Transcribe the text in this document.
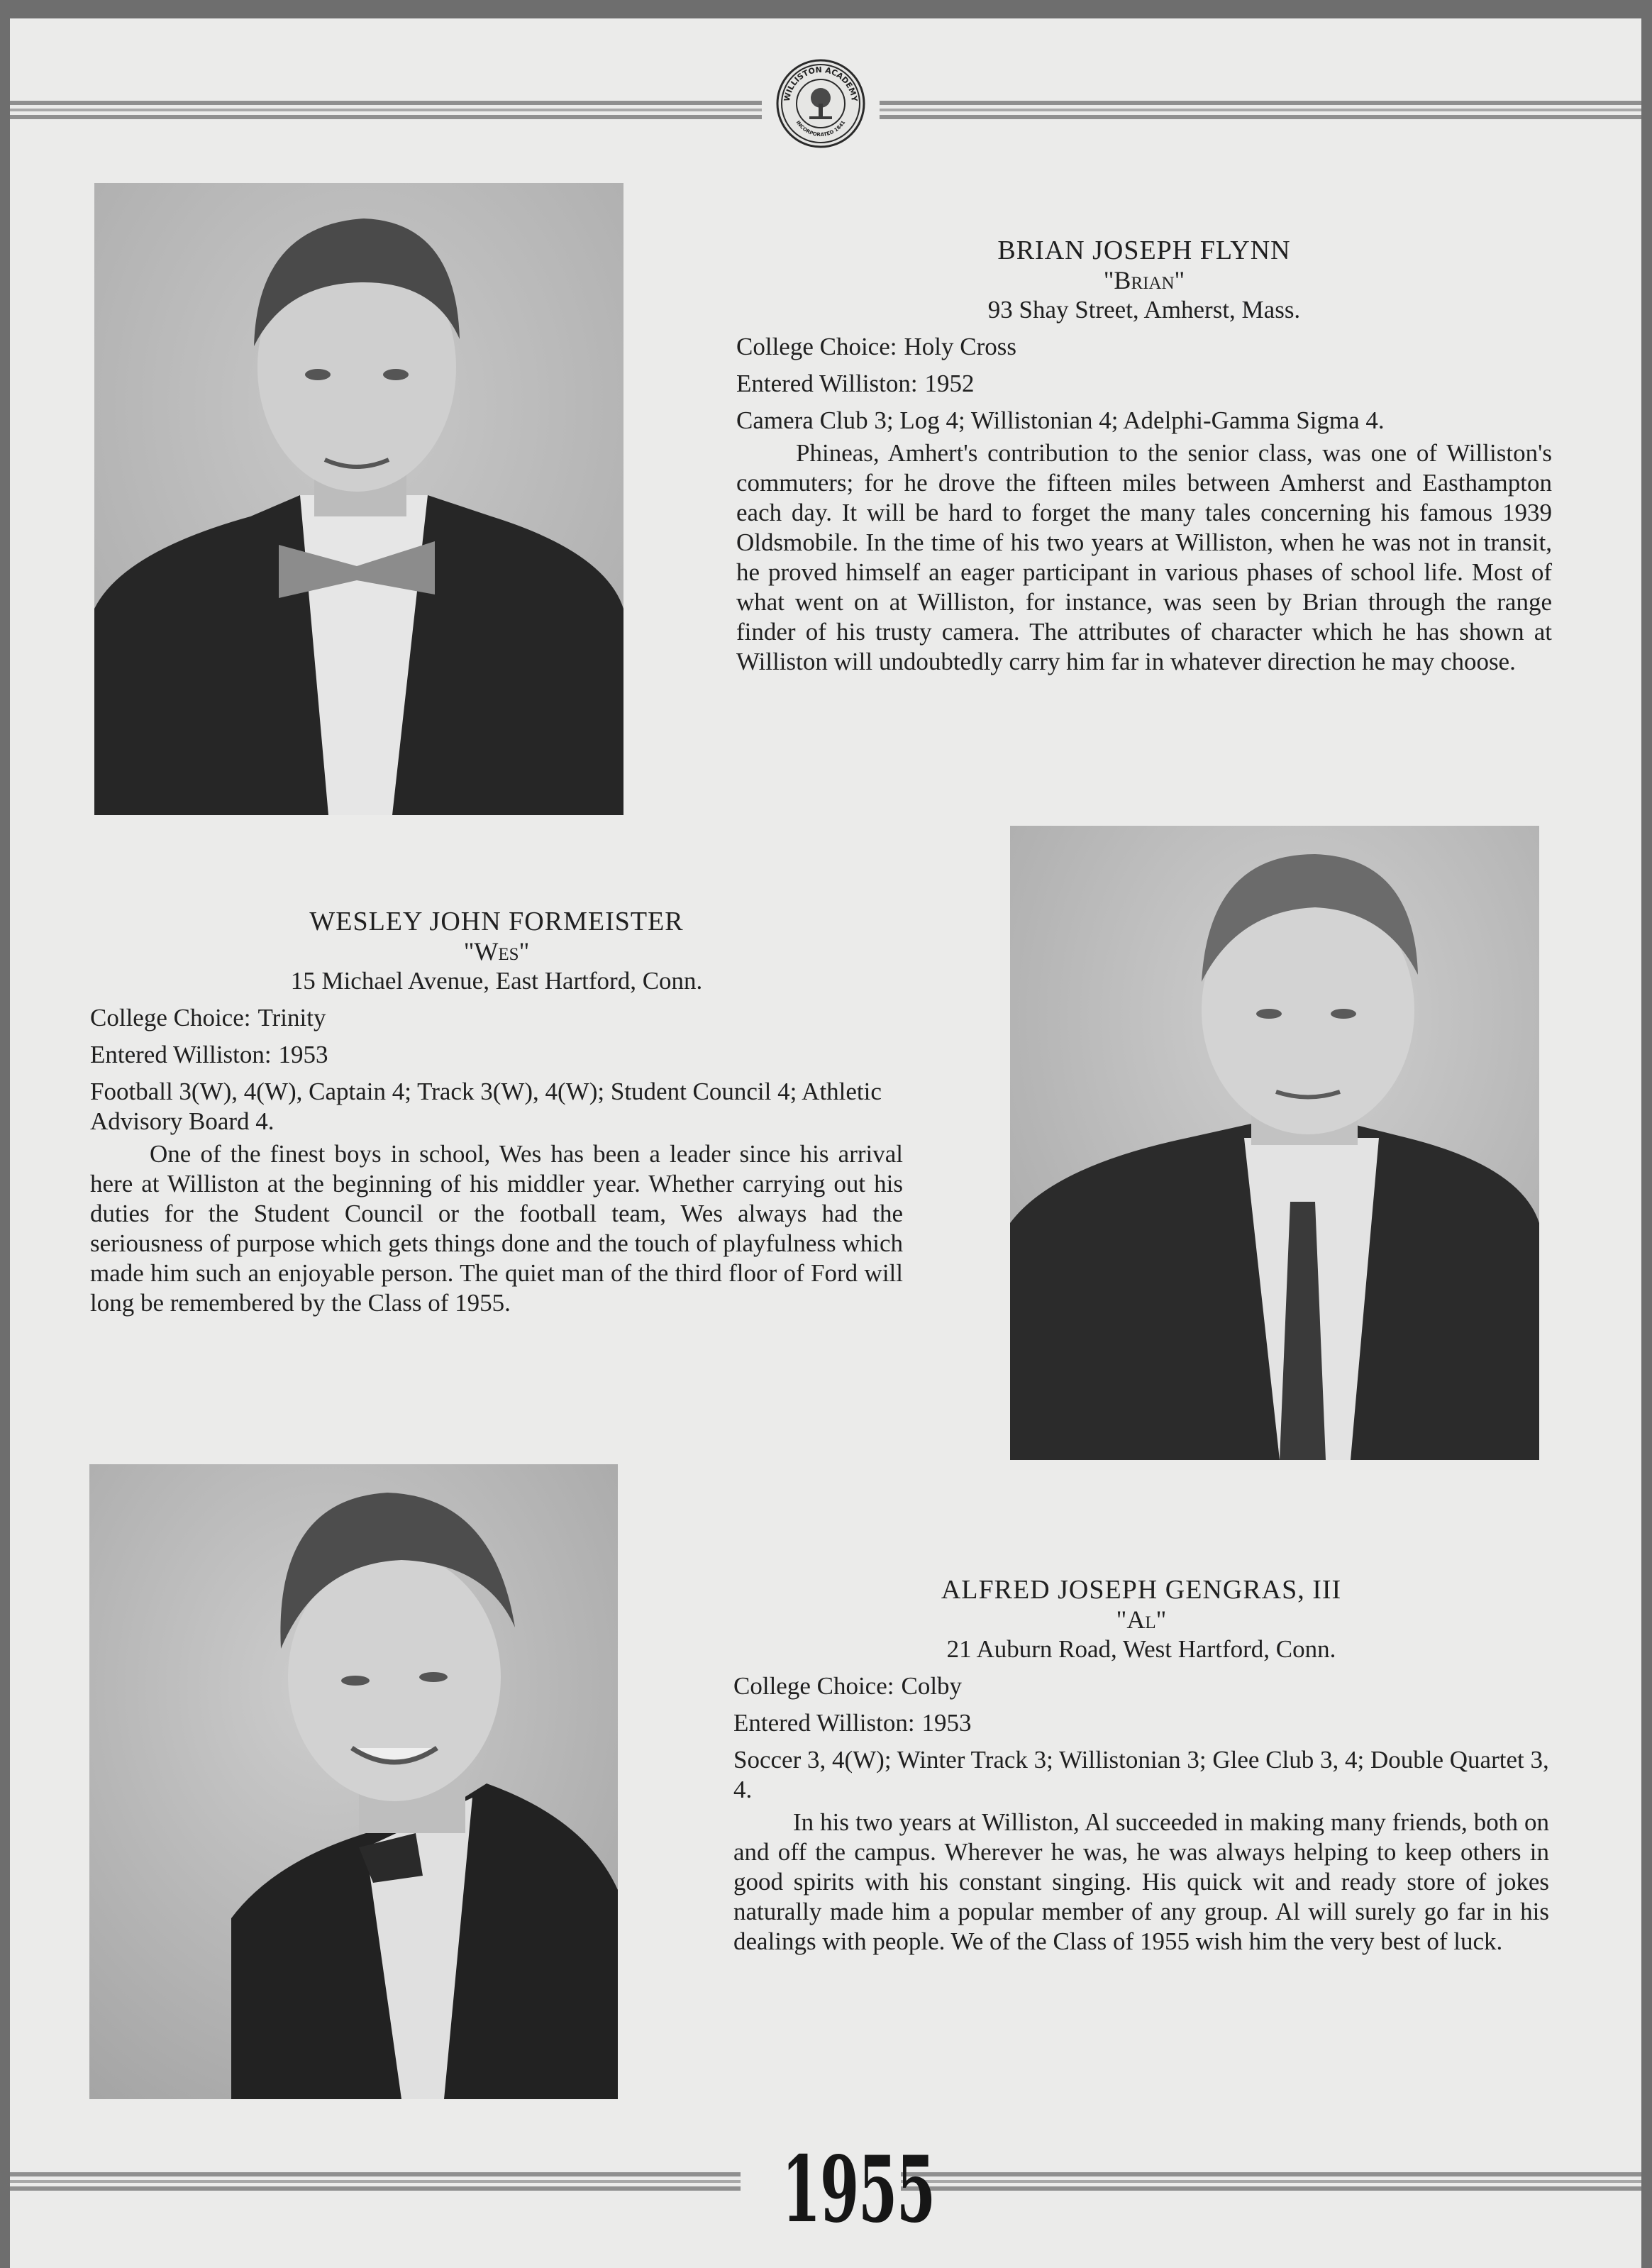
WILLISTON ACADEMY
INCORPORATED 1841
BRIAN JOSEPH FLYNN
"Brian"
93 Shay Street, Amherst, Mass.
College Choice: Holy Cross
Entered Williston: 1952
Camera Club 3; Log 4; Willistonian 4; Adelphi-Gamma Sigma 4.
Phineas, Amhert's contribution to the senior class, was one of Williston's commuters; for he drove the fifteen miles between Amherst and Easthampton each day. It will be hard to forget the many tales concerning his famous 1939 Oldsmobile. In the time of his two years at Williston, when he was not in transit, he proved himself an eager participant in various phases of school life. Most of what went on at Williston, for instance, was seen by Brian through the range finder of his trusty camera. The attributes of character which he has shown at Williston will undoubtedly carry him far in whatever direction he may choose.
WESLEY JOHN FORMEISTER
"Wes"
15 Michael Avenue, East Hartford, Conn.
College Choice: Trinity
Entered Williston: 1953
Football 3(W), 4(W), Captain 4; Track 3(W), 4(W); Student Council 4; Athletic Advisory Board 4.
One of the finest boys in school, Wes has been a leader since his arrival here at Williston at the beginning of his middler year. Whether carrying out his duties for the Student Council or the football team, Wes always had the seriousness of purpose which gets things done and the touch of playfulness which made him such an enjoyable person. The quiet man of the third floor of Ford will long be remembered by the Class of 1955.
ALFRED JOSEPH GENGRAS, III
"Al"
21 Auburn Road, West Hartford, Conn.
College Choice: Colby
Entered Williston: 1953
Soccer 3, 4(W); Winter Track 3; Willistonian 3; Glee Club 3, 4; Double Quartet 3, 4.
In his two years at Williston, Al succeeded in making many friends, both on and off the campus. Wherever he was, he was always helping to keep others in good spirits with his constant singing. His quick wit and ready store of jokes naturally made him a popular member of any group. Al will surely go far in his dealings with people. We of the Class of 1955 wish him the very best of luck.
1955
